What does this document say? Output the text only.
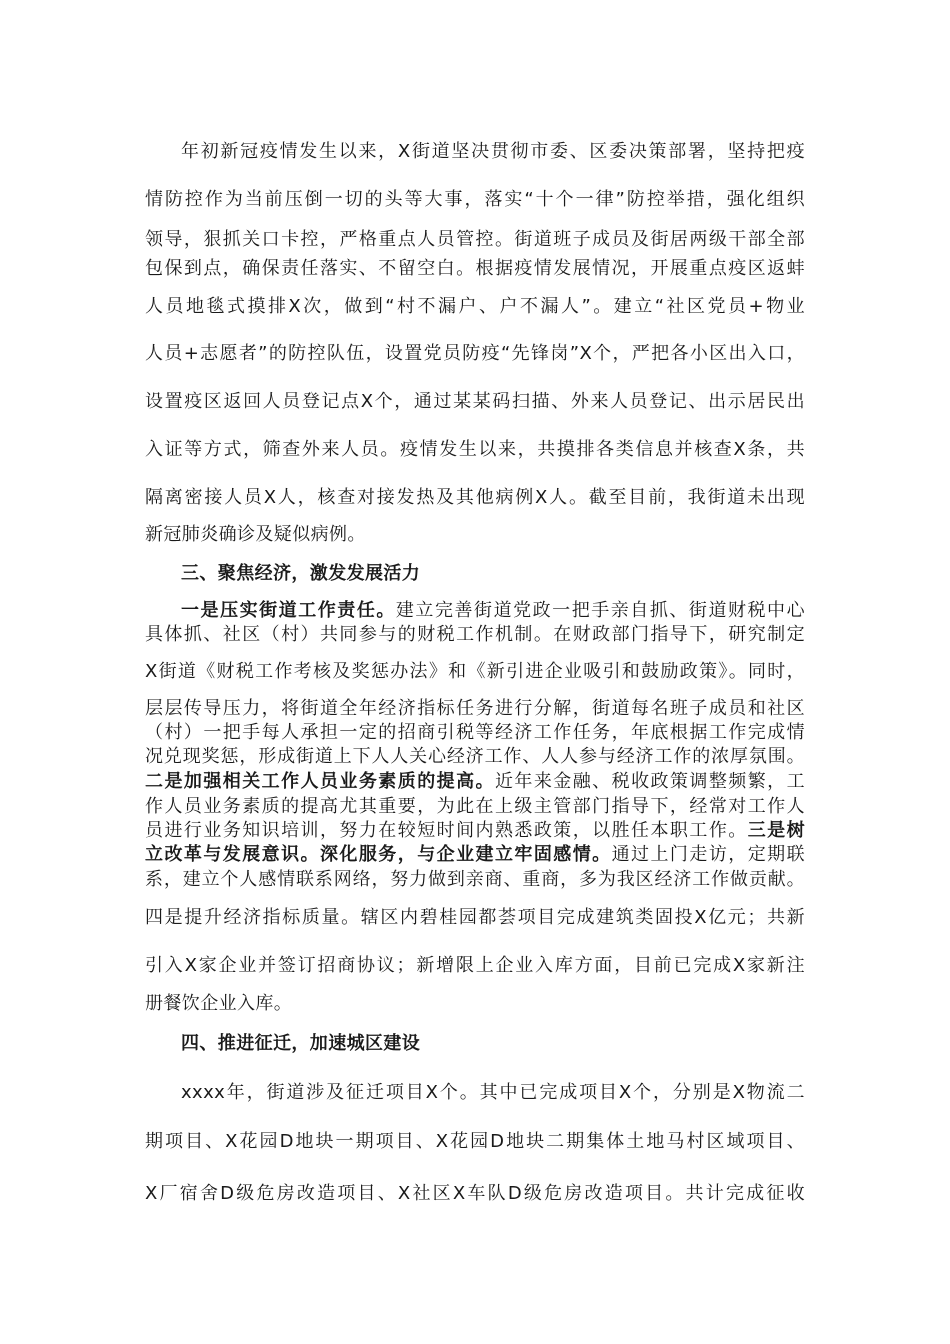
年初新冠疫情发生以来，X街道坚决贯彻市委、区委决策部署，坚持把疫
情防控作为当前压倒一切的头等大事，落实“十个一律”防控举措，强化组织
领导，狠抓关口卡控，严格重点人员管控。街道班子成员及街居两级干部全部
包保到点，确保责任落实、不留空白。根据疫情发展情况，开展重点疫区返蚌
人员地毯式摸排X次，做到“村不漏户、户不漏人”。建立“社区党员+物业
人员+志愿者”的防控队伍，设置党员防疫“先锋岗”X个，严把各小区出入口，
设置疫区返回人员登记点X个，通过某某码扫描、外来人员登记、出示居民出
入证等方式，筛查外来人员。疫情发生以来，共摸排各类信息并核查X条，共
隔离密接人员X人，核查对接发热及其他病例X人。截至目前，我街道未出现
新冠肺炎确诊及疑似病例。
三、聚焦经济，激发发展活力
一是压实街道工作责任。建立完善街道党政一把手亲自抓、街道财税中心
具体抓、社区（村）共同参与的财税工作机制。在财政部门指导下，研究制定
X街道《财税工作考核及奖惩办法》和《新引进企业吸引和鼓励政策》。同时，
层层传导压力，将街道全年经济指标任务进行分解，街道每名班子成员和社区
（村）一把手每人承担一定的招商引税等经济工作任务，年底根据工作完成情
况兑现奖惩，形成街道上下人人关心经济工作、人人参与经济工作的浓厚氛围。
二是加强相关工作人员业务素质的提高。近年来金融、税收政策调整频繁，工
作人员业务素质的提高尤其重要，为此在上级主管部门指导下，经常对工作人
员进行业务知识培训，努力在较短时间内熟悉政策，以胜任本职工作。三是树
立改革与发展意识。深化服务，与企业建立牢固感情。通过上门走访，定期联
系，建立个人感情联系网络，努力做到亲商、重商，多为我区经济工作做贡献。
四是提升经济指标质量。辖区内碧桂园都荟项目完成建筑类固投X亿元；共新
引入X家企业并签订招商协议；新增限上企业入库方面，目前已完成X家新注
册餐饮企业入库。
四、推进征迁，加速城区建设
xxxx年，街道涉及征迁项目X个。其中已完成项目X个，分别是X物流二
期项目、X花园D地块一期项目、X花园D地块二期集体土地马村区域项目、
X厂宿舍D级危房改造项目、X社区X车队D级危房改造项目。共计完成征收
